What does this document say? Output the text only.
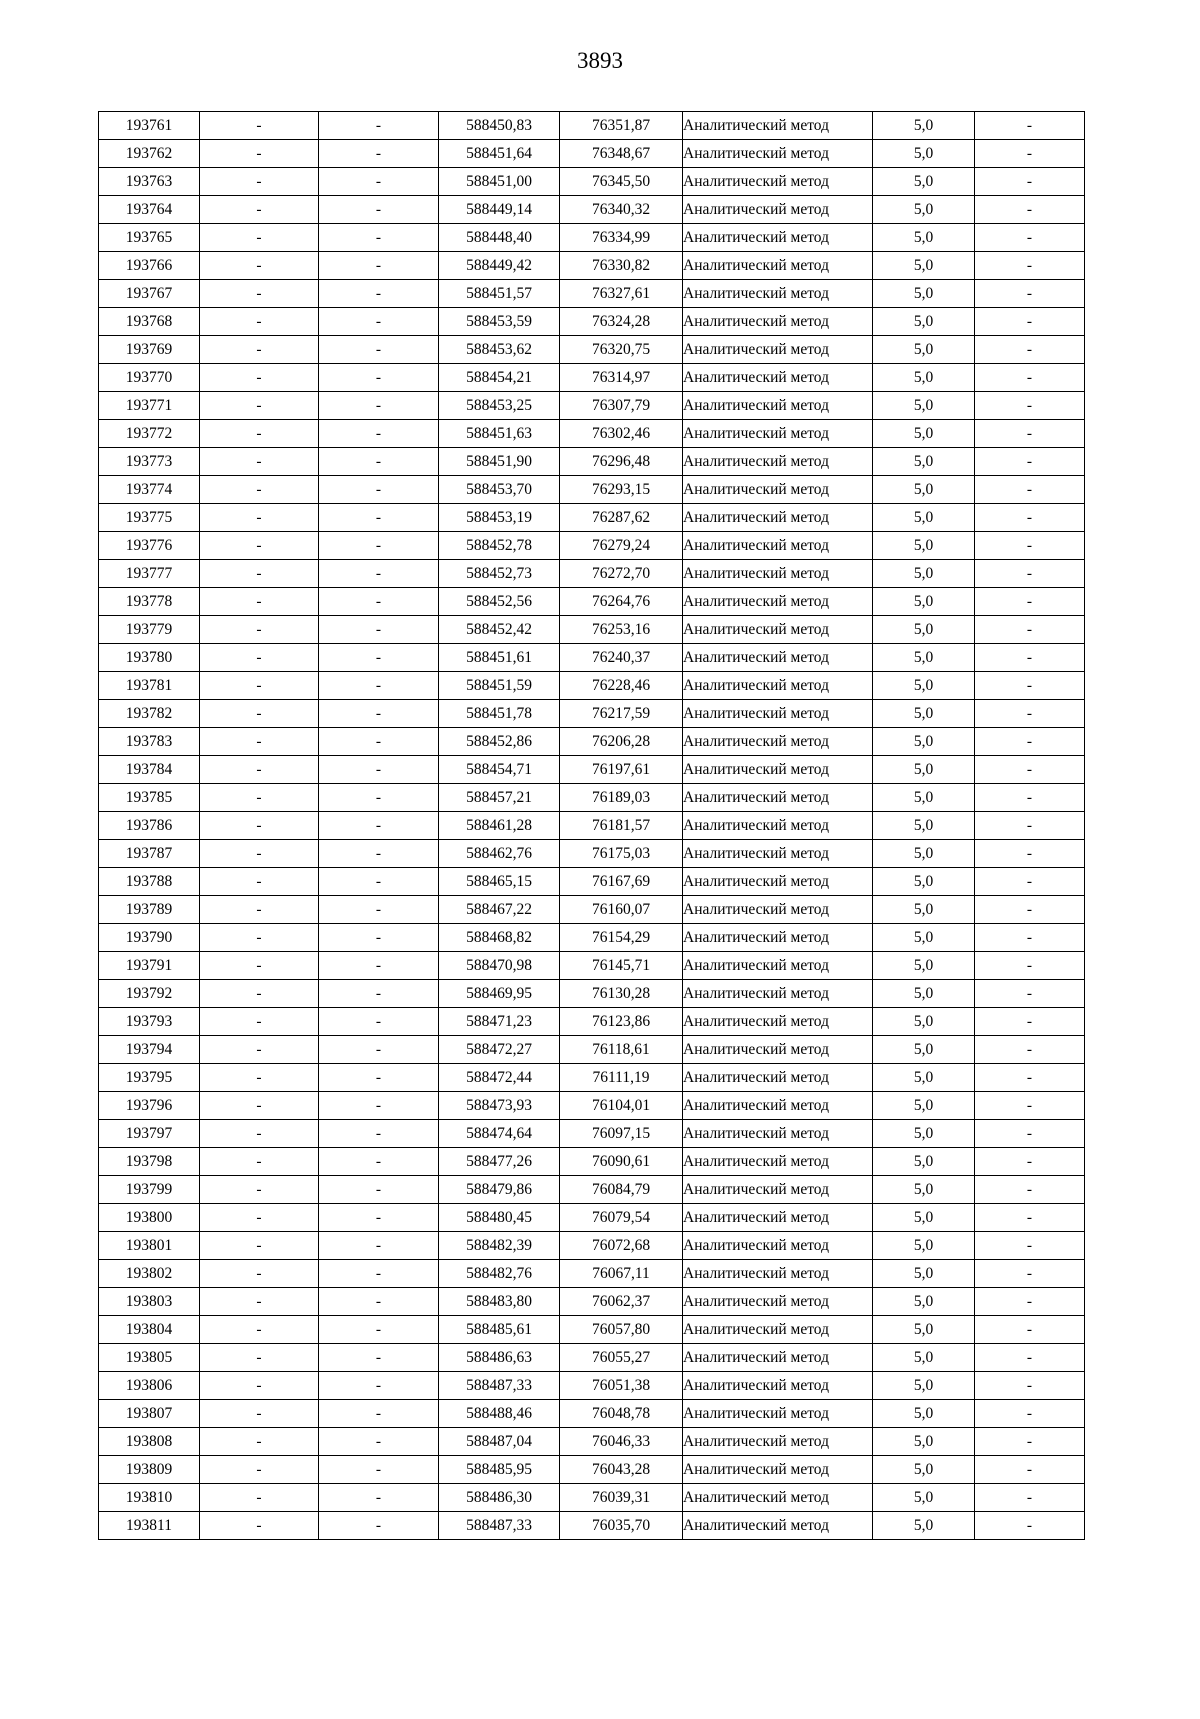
3893
193761	-	-	588450,83	76351,87	Аналитический метод	5,0	-
193762	-	-	588451,64	76348,67	Аналитический метод	5,0	-
193763	-	-	588451,00	76345,50	Аналитический метод	5,0	-
193764	-	-	588449,14	76340,32	Аналитический метод	5,0	-
193765	-	-	588448,40	76334,99	Аналитический метод	5,0	-
193766	-	-	588449,42	76330,82	Аналитический метод	5,0	-
193767	-	-	588451,57	76327,61	Аналитический метод	5,0	-
193768	-	-	588453,59	76324,28	Аналитический метод	5,0	-
193769	-	-	588453,62	76320,75	Аналитический метод	5,0	-
193770	-	-	588454,21	76314,97	Аналитический метод	5,0	-
193771	-	-	588453,25	76307,79	Аналитический метод	5,0	-
193772	-	-	588451,63	76302,46	Аналитический метод	5,0	-
193773	-	-	588451,90	76296,48	Аналитический метод	5,0	-
193774	-	-	588453,70	76293,15	Аналитический метод	5,0	-
193775	-	-	588453,19	76287,62	Аналитический метод	5,0	-
193776	-	-	588452,78	76279,24	Аналитический метод	5,0	-
193777	-	-	588452,73	76272,70	Аналитический метод	5,0	-
193778	-	-	588452,56	76264,76	Аналитический метод	5,0	-
193779	-	-	588452,42	76253,16	Аналитический метод	5,0	-
193780	-	-	588451,61	76240,37	Аналитический метод	5,0	-
193781	-	-	588451,59	76228,46	Аналитический метод	5,0	-
193782	-	-	588451,78	76217,59	Аналитический метод	5,0	-
193783	-	-	588452,86	76206,28	Аналитический метод	5,0	-
193784	-	-	588454,71	76197,61	Аналитический метод	5,0	-
193785	-	-	588457,21	76189,03	Аналитический метод	5,0	-
193786	-	-	588461,28	76181,57	Аналитический метод	5,0	-
193787	-	-	588462,76	76175,03	Аналитический метод	5,0	-
193788	-	-	588465,15	76167,69	Аналитический метод	5,0	-
193789	-	-	588467,22	76160,07	Аналитический метод	5,0	-
193790	-	-	588468,82	76154,29	Аналитический метод	5,0	-
193791	-	-	588470,98	76145,71	Аналитический метод	5,0	-
193792	-	-	588469,95	76130,28	Аналитический метод	5,0	-
193793	-	-	588471,23	76123,86	Аналитический метод	5,0	-
193794	-	-	588472,27	76118,61	Аналитический метод	5,0	-
193795	-	-	588472,44	76111,19	Аналитический метод	5,0	-
193796	-	-	588473,93	76104,01	Аналитический метод	5,0	-
193797	-	-	588474,64	76097,15	Аналитический метод	5,0	-
193798	-	-	588477,26	76090,61	Аналитический метод	5,0	-
193799	-	-	588479,86	76084,79	Аналитический метод	5,0	-
193800	-	-	588480,45	76079,54	Аналитический метод	5,0	-
193801	-	-	588482,39	76072,68	Аналитический метод	5,0	-
193802	-	-	588482,76	76067,11	Аналитический метод	5,0	-
193803	-	-	588483,80	76062,37	Аналитический метод	5,0	-
193804	-	-	588485,61	76057,80	Аналитический метод	5,0	-
193805	-	-	588486,63	76055,27	Аналитический метод	5,0	-
193806	-	-	588487,33	76051,38	Аналитический метод	5,0	-
193807	-	-	588488,46	76048,78	Аналитический метод	5,0	-
193808	-	-	588487,04	76046,33	Аналитический метод	5,0	-
193809	-	-	588485,95	76043,28	Аналитический метод	5,0	-
193810	-	-	588486,30	76039,31	Аналитический метод	5,0	-
193811	-	-	588487,33	76035,70	Аналитический метод	5,0	-
